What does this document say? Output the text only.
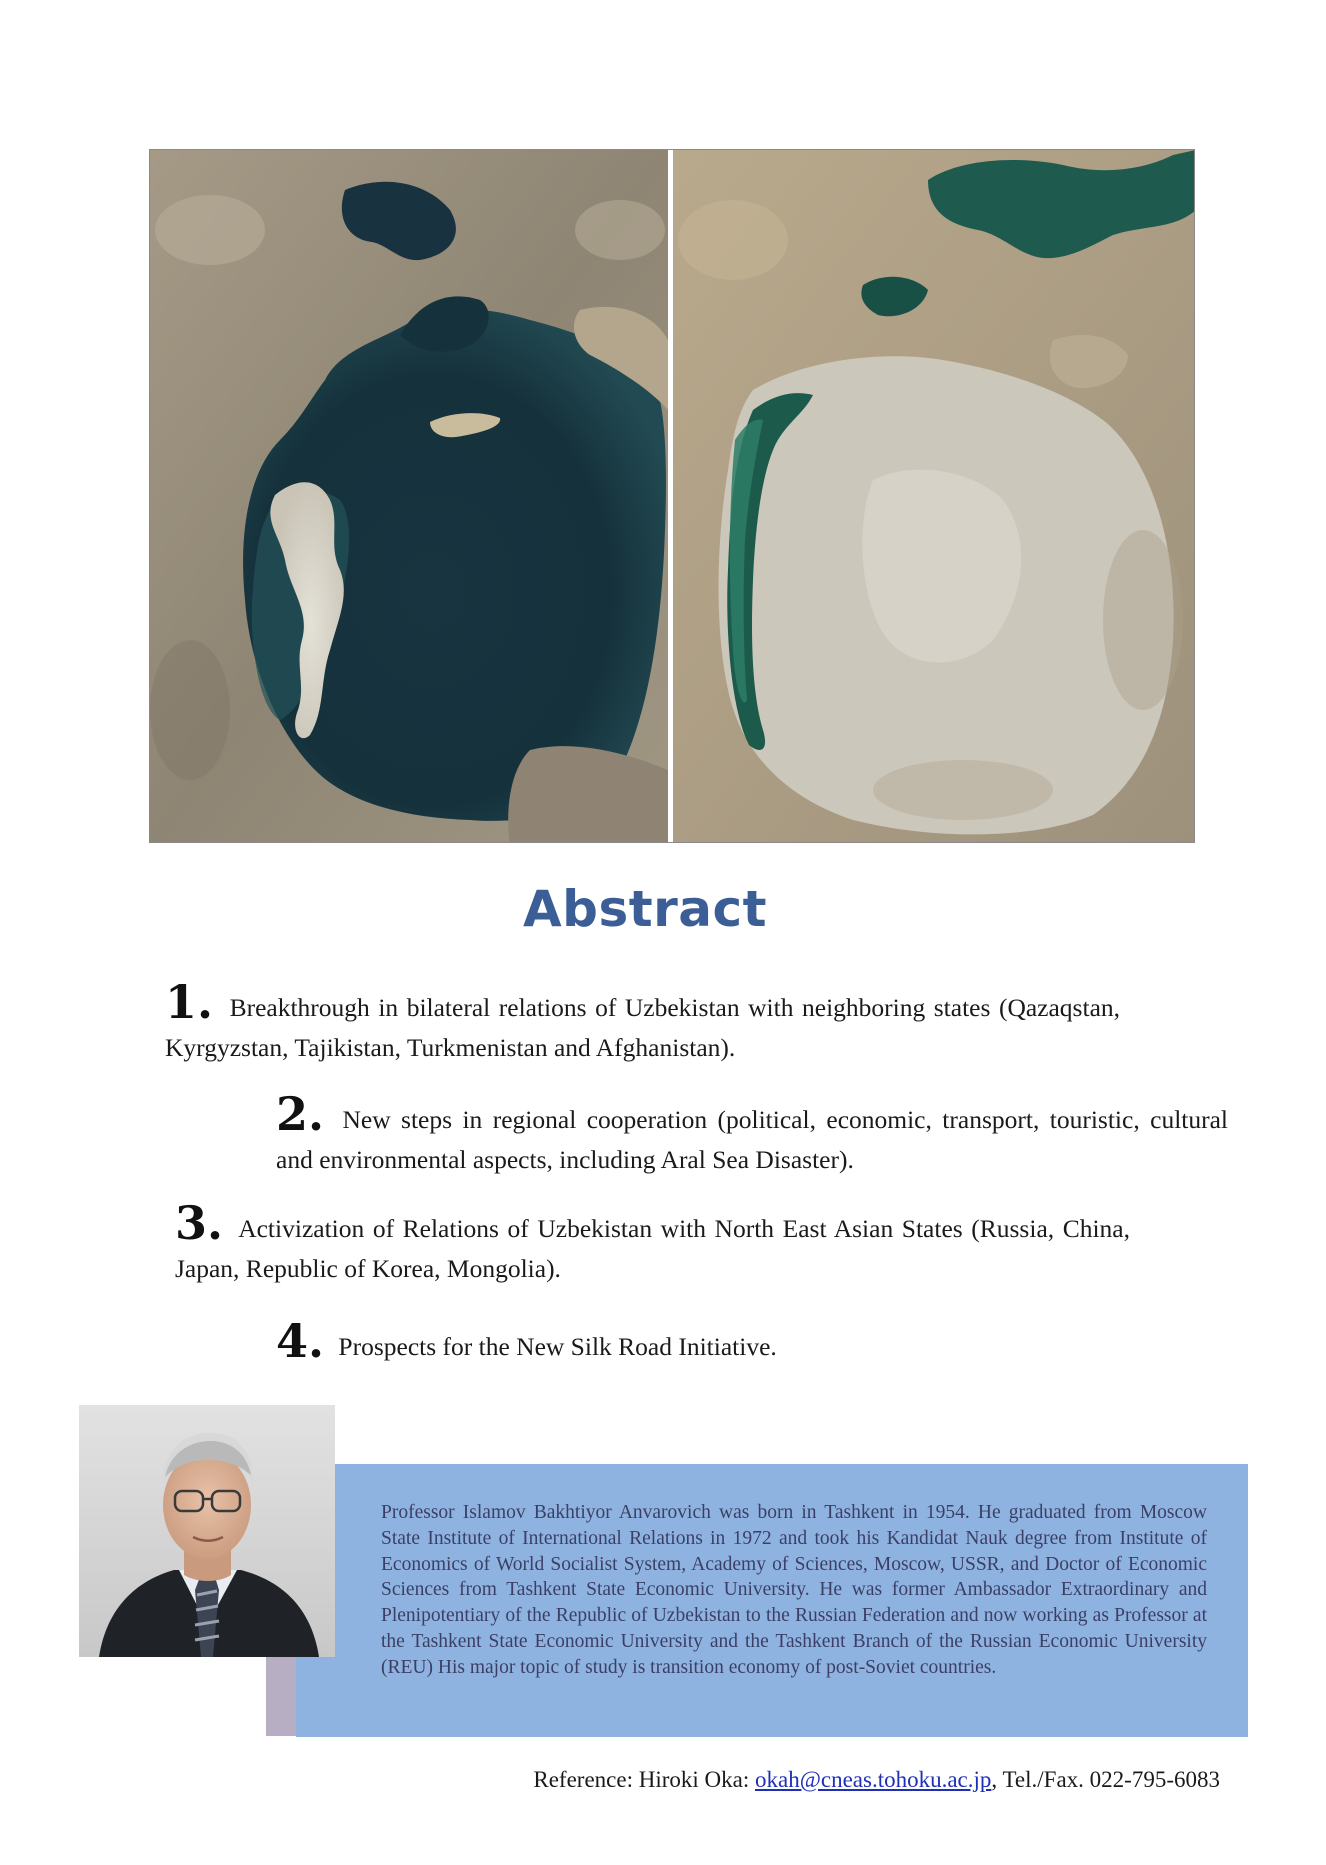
Abstract
1. Breakthrough in bilateral relations of Uzbekistan with neighboring states (Qazaqstan, Kyrgyzstan, Tajikistan, Turkmenistan and Afghanistan).
2. New steps in regional cooperation (political, economic, transport, touristic, cultural and environmental aspects, including Aral Sea Disaster).
3. Activization of Relations of Uzbekistan with North East Asian States (Russia, China, Japan, Republic of Korea, Mongolia).
4. Prospects for the New Silk Road Initiative.
Professor Islamov Bakhtiyor Anvarovich was born in Tashkent in 1954. He graduated from Moscow State Institute of International Relations in 1972 and took his Kandidat Nauk degree from Institute of Economics of World Socialist System, Academy of Sciences, Moscow, USSR, and Doctor of Economic Sciences from Tashkent State Economic University. He was former Ambassador Extraordinary and Plenipotentiary of the Republic of Uzbekistan to the Russian Federation and now working as Professor at the Tashkent State Economic University and the Tashkent Branch of the Russian Economic University (REU) His major topic of study is transition economy of post-Soviet countries.
Reference: Hiroki Oka: okah@cneas.tohoku.ac.jp, Tel./Fax. 022-795-6083
